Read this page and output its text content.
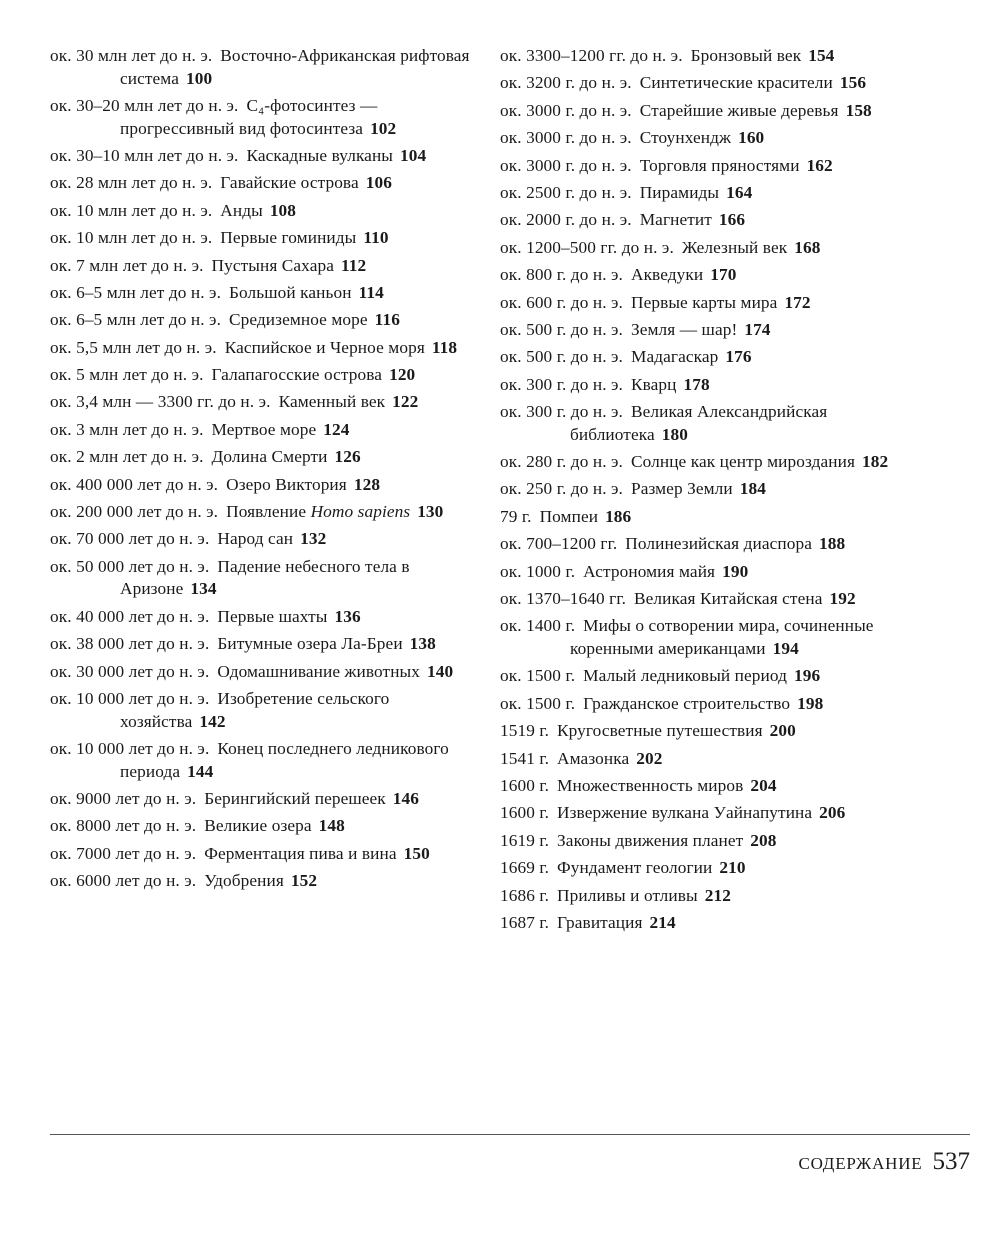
ок. 30 млн лет до н. э. Восточно-Африканская рифтовая система 100
ок. 30–20 млн лет до н. э. C₄-фотосинтез — прогрессивный вид фотосинтеза 102
ок. 30–10 млн лет до н. э. Каскадные вулканы 104
ок. 28 млн лет до н. э. Гавайские острова 106
ок. 10 млн лет до н. э. Анды 108
ок. 10 млн лет до н. э. Первые гоминиды 110
ок. 7 млн лет до н. э. Пустыня Сахара 112
ок. 6–5 млн лет до н. э. Большой каньон 114
ок. 6–5 млн лет до н. э. Средиземное море 116
ок. 5,5 млн лет до н. э. Каспийское и Черное моря 118
ок. 5 млн лет до н. э. Галапагосские острова 120
ок. 3,4 млн — 3300 гг. до н. э. Каменный век 122
ок. 3 млн лет до н. э. Мертвое море 124
ок. 2 млн лет до н. э. Долина Смерти 126
ок. 400 000 лет до н. э. Озеро Виктория 128
ок. 200 000 лет до н. э. Появление Homo sapiens 130
ок. 70 000 лет до н. э. Народ сан 132
ок. 50 000 лет до н. э. Падение небесного тела в Аризоне 134
ок. 40 000 лет до н. э. Первые шахты 136
ок. 38 000 лет до н. э. Битумные озера Ла-Бреи 138
ок. 30 000 лет до н. э. Одомашнивание животных 140
ок. 10 000 лет до н. э. Изобретение сельского хозяйства 142
ок. 10 000 лет до н. э. Конец последнего ледникового периода 144
ок. 9000 лет до н. э. Берингийский перешеек 146
ок. 8000 лет до н. э. Великие озера 148
ок. 7000 лет до н. э. Ферментация пива и вина 150
ок. 6000 лет до н. э. Удобрения 152
ок. 3300–1200 гг. до н. э. Бронзовый век 154
ок. 3200 г. до н. э. Синтетические красители 156
ок. 3000 г. до н. э. Старейшие живые деревья 158
ок. 3000 г. до н. э. Стоунхендж 160
ок. 3000 г. до н. э. Торговля пряностями 162
ок. 2500 г. до н. э. Пирамиды 164
ок. 2000 г. до н. э. Магнетит 166
ок. 1200–500 гг. до н. э. Железный век 168
ок. 800 г. до н. э. Акведуки 170
ок. 600 г. до н. э. Первые карты мира 172
ок. 500 г. до н. э. Земля — шар! 174
ок. 500 г. до н. э. Мадагаскар 176
ок. 300 г. до н. э. Кварц 178
ок. 300 г. до н. э. Великая Александрийская библиотека 180
ок. 280 г. до н. э. Солнце как центр мироздания 182
ок. 250 г. до н. э. Размер Земли 184
79 г. Помпеи 186
ок. 700–1200 гг. Полинезийская диаспора 188
ок. 1000 г. Астрономия майя 190
ок. 1370–1640 гг. Великая Китайская стена 192
ок. 1400 г. Мифы о сотворении мира, сочиненные коренными американцами 194
ок. 1500 г. Малый ледниковый период 196
ок. 1500 г. Гражданское строительство 198
1519 г. Кругосветные путешествия 200
1541 г. Амазонка 202
1600 г. Множественность миров 204
1600 г. Извержение вулкана Уайнапутина 206
1619 г. Законы движения планет 208
1669 г. Фундамент геологии 210
1686 г. Приливы и отливы 212
1687 г. Гравитация 214
СОДЕРЖАНИЕ 537
